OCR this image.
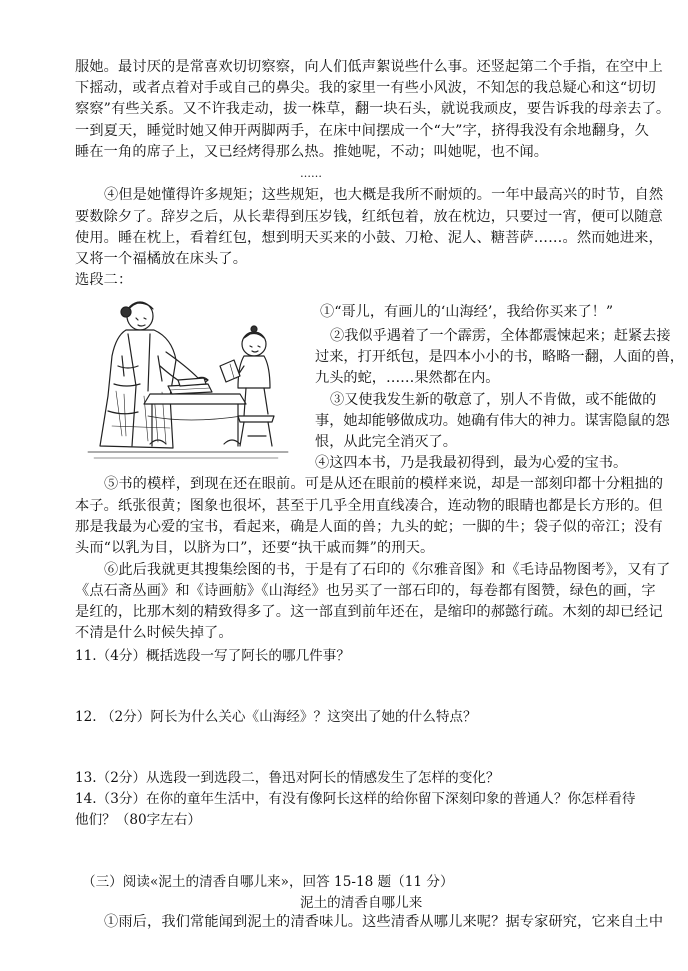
服她。最讨厌的是常喜欢切切察察，向人们低声絮说些什么事。还竖起第二个手指，在空中上
下摇动，或者点着对手或自己的鼻尖。我的家里一有些小风波，不知怎的我总疑心和这“切切
察察”有些关系。又不许我走动，拔一株草，翻一块石头，就说我顽皮，要告诉我的母亲去了。
一到夏天，睡觉时她又伸开两脚两手，在床中间摆成一个“大”字，挤得我没有余地翻身，久
睡在一角的席子上，又已经烤得那么热。推她呢，不动；叫她呢，也不闻。
……
④但是她懂得许多规矩；这些规矩，也大概是我所不耐烦的。一年中最高兴的时节，自然
要数除夕了。辞岁之后，从长辈得到压岁钱，红纸包着，放在枕边，只要过一宵，便可以随意
使用。睡在枕上，看着红包，想到明天买来的小鼓、刀枪、泥人、糖菩萨……。然而她进来，
又将一个福橘放在床头了。
选段二：
①“哥儿，有画儿的‘山海经’，我给你买来了！”
②我似乎遇着了一个霹雳，全体都震悚起来；赶紧去接
过来，打开纸包，是四本小小的书，略略一翻，人面的兽，
九头的蛇，……果然都在内。
③又使我发生新的敬意了，别人不肯做，或不能做的
事，她却能够做成功。她确有伟大的神力。谋害隐鼠的怨
恨，从此完全消灭了。
④这四本书，乃是我最初得到，最为心爱的宝书。
⑤书的模样，到现在还在眼前。可是从还在眼前的模样来说，却是一部刻印都十分粗拙的
本子。纸张很黄；图象也很坏，甚至于几乎全用直线凑合，连动物的眼睛也都是长方形的。但
那是我最为心爱的宝书，看起来，确是人面的兽；九头的蛇；一脚的牛；袋子似的帝江；没有
头而“以乳为目，以脐为口”，还要“执干戚而舞”的刑天。
⑥此后我就更其搜集绘图的书，于是有了石印的《尔雅音图》和《毛诗品物图考》，又有了
《点石斋丛画》和《诗画舫》《山海经》也另买了一部石印的，每卷都有图赞，绿色的画，字
是红的，比那木刻的精致得多了。这一部直到前年还在，是缩印的郝懿行疏。木刻的却已经记
不清是什么时候失掉了。
11.（4分）概括选段一写了阿长的哪几件事？
12. （2分）阿长为什么关心《山海经》？这突出了她的什么特点？
13.（2分）从选段一到选段二，鲁迅对阿长的情感发生了怎样的变化？
14.（3分）在你的童年生活中，有没有像阿长这样的给你留下深刻印象的普通人？你怎样看待
他们？（80字左右）
（三）阅读«泥土的清香自哪儿来»，回答 15-18 题（11 分）
泥土的清香自哪儿来
①雨后，我们常能闻到泥土的清香味儿。这些清香从哪儿来呢？据专家研究，它来自土中
